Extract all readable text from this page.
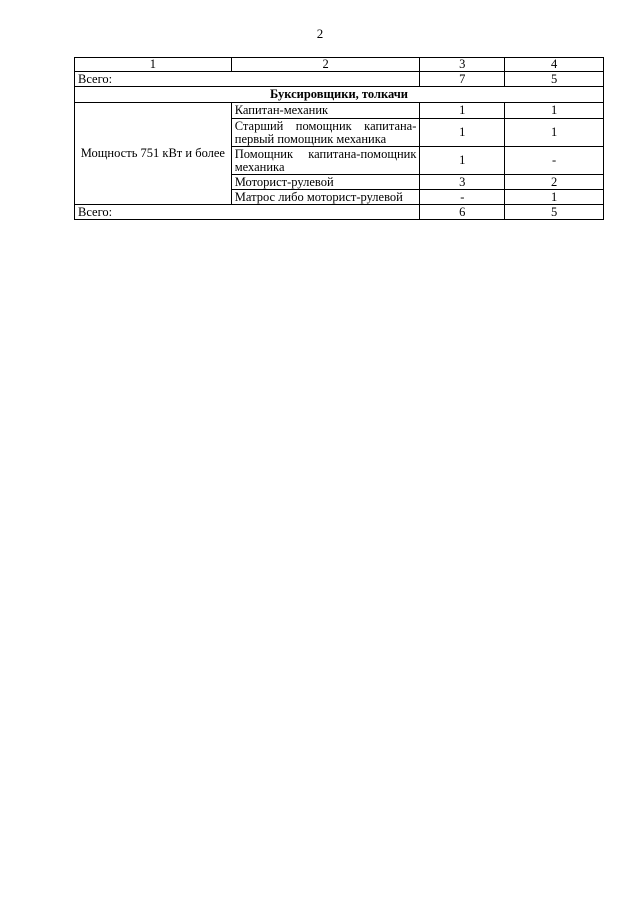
2
1	2	3	4
Всего:		7	5
Буксировщики, толкачи			
Мощность 751 кВт и более	Капитан-механик	1	1
	Старший помощник капитана-первый помощник механика	1	1
	Помощник капитана-помощник механика	1	-
	Моторист-рулевой	3	2
	Матрос либо моторист-рулевой	-	1
Всего:		6	5
